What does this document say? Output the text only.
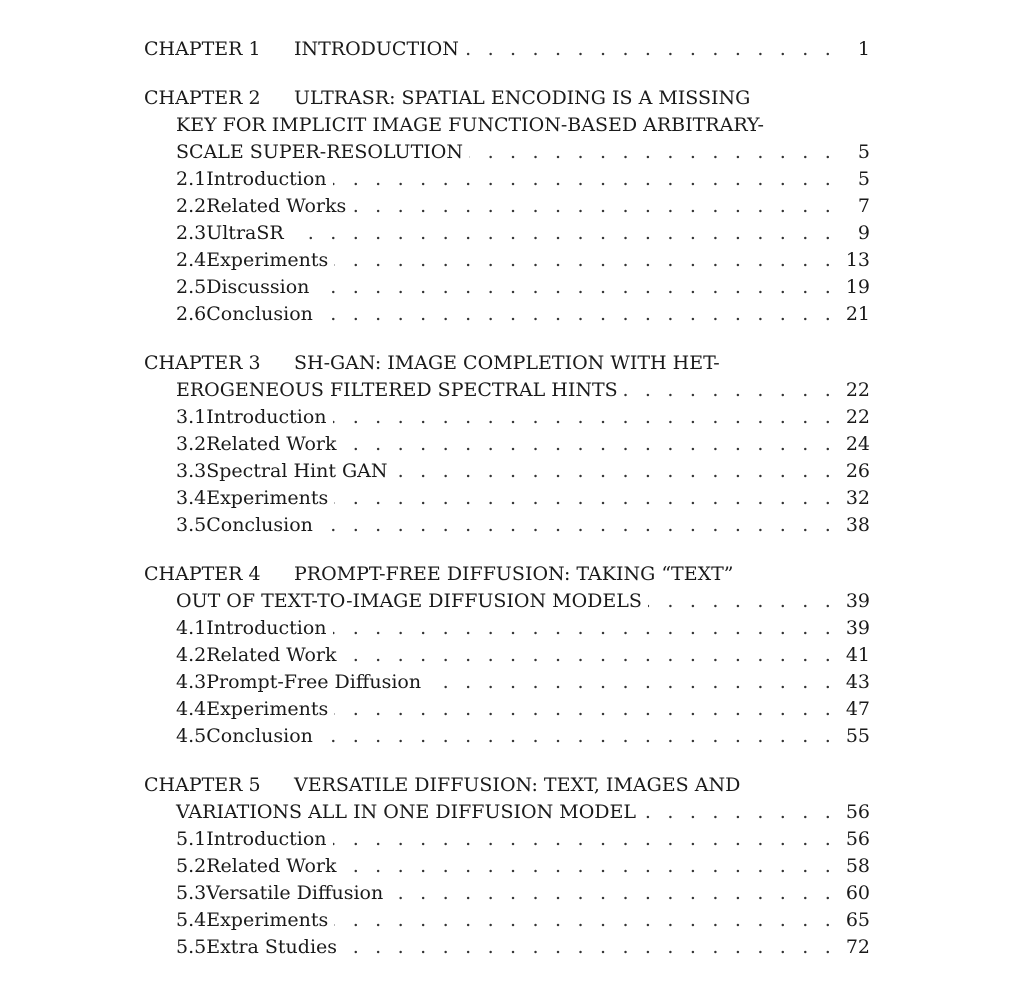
CHAPTER 1	INTRODUCTION . . .	1
CHAPTER 2	ULTRASR: SPATIAL ENCODING IS A MISSING
KEY FOR IMPLICIT IMAGE FUNCTION-BASED ARBITRARY-
SCALE SUPER-RESOLUTION . . .	5
2.1 Introduction . . .	5
2.2 Related Works . . .	7
2.3 UltraSR . . .	9
2.4 Experiments . . .	13
2.5 Discussion . . .	19
2.6 Conclusion . . .	21
CHAPTER 3	SH-GAN: IMAGE COMPLETION WITH HET-
EROGENEOUS FILTERED SPECTRAL HINTS . . .	22
3.1 Introduction . . .	22
3.2 Related Work . . .	24
3.3 Spectral Hint GAN . . .	26
3.4 Experiments . . .	32
3.5 Conclusion . . .	38
CHAPTER 4	PROMPT-FREE DIFFUSION: TAKING “TEXT”
OUT OF TEXT-TO-IMAGE DIFFUSION MODELS . . .	39
4.1 Introduction . . .	39
4.2 Related Work . . .	41
4.3 Prompt-Free Diffusion . . .	43
4.4 Experiments . . .	47
4.5 Conclusion . . .	55
CHAPTER 5	VERSATILE DIFFUSION: TEXT, IMAGES AND
VARIATIONS ALL IN ONE DIFFUSION MODEL . . .	56
5.1 Introduction . . .	56
5.2 Related Work . . .	58
5.3 Versatile Diffusion . . .	60
5.4 Experiments . . .	65
5.5 Extra Studies . . .	72
